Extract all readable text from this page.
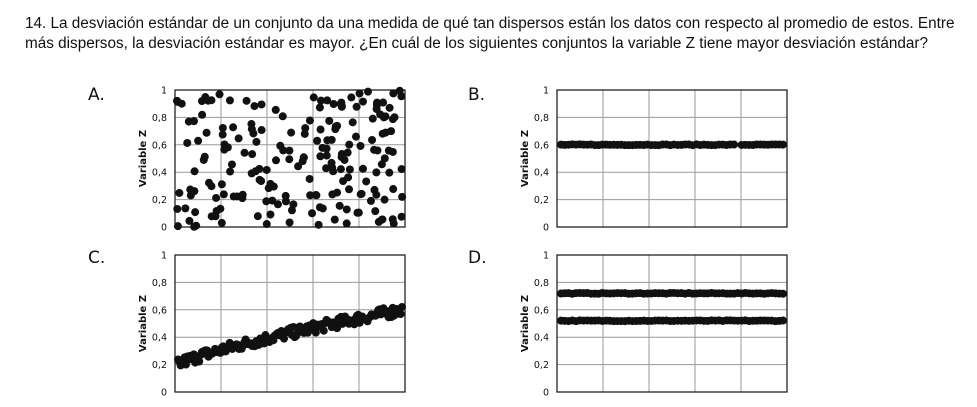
14. La desviación estándar de un conjunto da una medida de qué tan dispersos están los datos con respecto al promedio de estos. Entre más dispersos, la desviación estándar es mayor. ¿En cuál de los siguientes conjuntos la variable Z tiene mayor desviación estándar?

A.	B.
C.	D.
0
0,2
0,4
0,6
0,8
1
Variable Z
0
0,2
0,4
0,6
0,8
1
Variable Z
0
0,2
0,4
0,6
0,8
1
Variable Z
0
0,2
0,4
0,6
0,8
1
Variable Z
